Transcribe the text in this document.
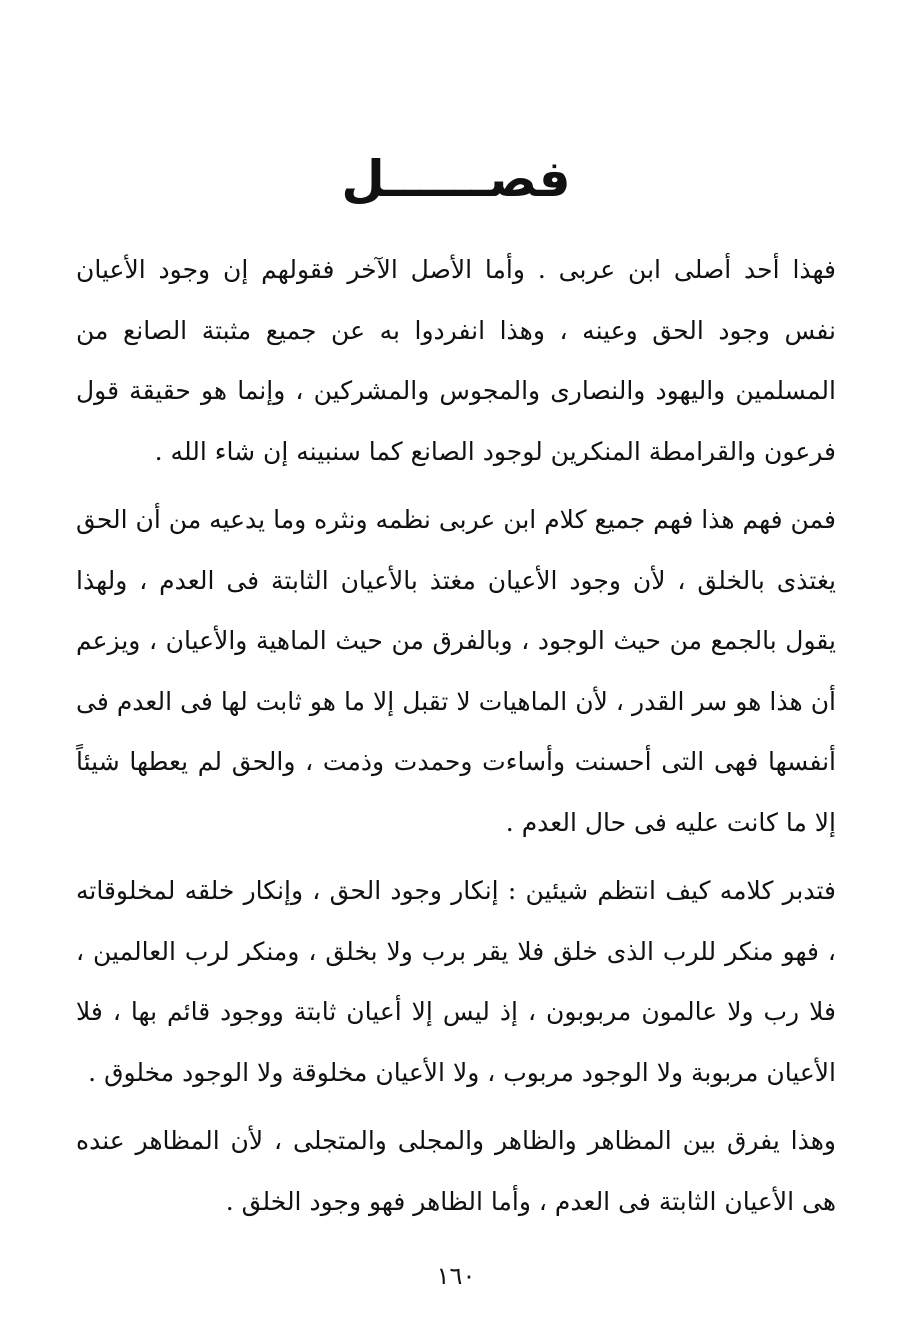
فصــــــل

فهذا أحد أصلى ابن عربى . وأما الأصل الآخر فقولهم إن وجود الأعيان نفس وجود الحق وعينه ، وهذا انفردوا به عن جميع مثبتة الصانع من المسلمين واليهود والنصارى والمجوس والمشركين ، وإنما هو حقيقة قول فرعون والقرامطة المنكرين لوجود الصانع كما سنبينه إن شاء الله .

فمن فهم هذا فهم جميع كلام ابن عربى نظمه ونثره وما يدعيه من أن الحق يغتذى بالخلق ، لأن وجود الأعيان مغتذ بالأعيان الثابتة فى العدم ، ولهذا يقول بالجمع من حيث الوجود ، وبالفرق من حيث الماهية والأعيان ، ويزعم أن هذا هو سر القدر ، لأن الماهيات لا تقبل إلا ما هو ثابت لها فى العدم فى أنفسها فهى التى أحسنت وأساءت وحمدت وذمت ، والحق لم يعطها شيئاً إلا ما كانت عليه فى حال العدم .

فتدبر كلامه كيف انتظم شيئين : إنكار وجود الحق ، وإنكار خلقه لمخلوقاته ، فهو منكر للرب الذى خلق فلا يقر برب ولا بخلق ، ومنكر لرب العالمين ، فلا رب ولا عالمون مربوبون ، إذ ليس إلا أعيان ثابتة ووجود قائم بها ، فلا الأعيان مربوبة ولا الوجود مربوب ، ولا الأعيان مخلوقة ولا الوجود مخلوق .

وهذا يفرق بين المظاهر والظاهر والمجلى والمتجلى ، لأن المظاهر عنده هى الأعيان الثابتة فى العدم ، وأما الظاهر فهو وجود الخلق .

١٦٠
